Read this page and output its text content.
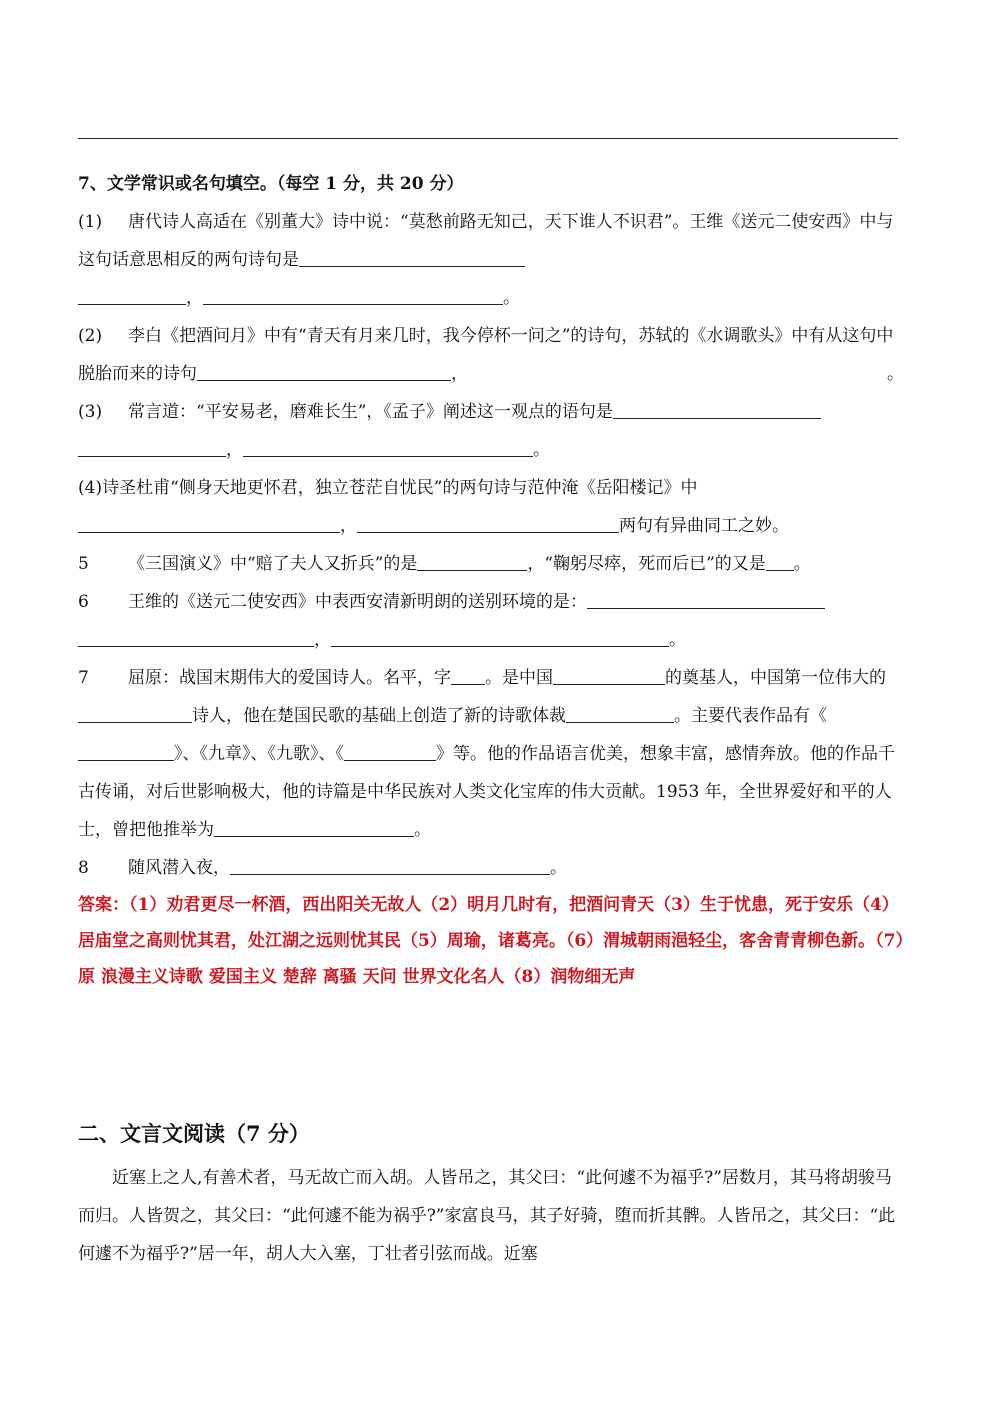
7、文学常识或名句填空。（每空 1 分，共 20 分）

(1) 唐代诗人高适在《别董大》诗中说：“莫愁前路无知己，天下谁人不识君”。王维《送元二使安西》中与这句话意思相反的两句诗句是
，	。

(2) 李白《把酒问月》中有“青天有月来几时，我今停杯一问之”的诗句，苏轼的《水调歌头》中有从这句中脱胎而来的诗句	，	。

(3) 常言道：“平安易老，磨难长生”，《孟子》阐述这一观点的语句是
，	。

(4)诗圣杜甫“侧身天地更怀君，独立苍茫自忧民”的两句诗与范仲淹《岳阳楼记》中，	两句有异曲同工之妙。

5 《三国演义》中“赔了夫人又折兵”的是	，“鞠躬尽瘁，死而后已”的又是 。

6 王维的《送元二使安西》中表西安清新明朗的送别环境的是：
，	。

7 屈原：战国末期伟大的爱国诗人。名平，字 。是中国	的奠基人，中国第一位伟大的诗人，他在楚国民歌的基础上创造了新的诗歌体裁	。主要代表作品有《》、《九章》、《九歌》、《	》等。他的作品语言优美，想象丰富，感情奔放。他的作品千古传诵，对后世影响极大，他的诗篇是中华民族对人类文化宝库的伟大贡献。1953 年，全世界爱好和平的人士，曾把他推举为	。

8 随风潜入夜，	。

答案：（1）劝君更尽一杯酒，西出阳关无故人（2）明月几时有，把酒问青天（3）生于忧患，死于安乐（4）居庙堂之高则忧其君，处江湖之远则忧其民（5）周瑜，诸葛亮。（6）渭城朝雨浥轻尘，客舍青青柳色新。（7）原 浪漫主义诗歌 爱国主义 楚辞 离骚 天问 世界文化名人（8）润物细无声

二、文言文阅读（7 分）

近塞上之人,有善术者，马无故亡而入胡。人皆吊之，其父曰：“此何遽不为福乎?”居数月，其马将胡骏马而归。人皆贺之，其父曰：“此何遽不能为祸乎?”家富良马，其子好骑，堕而折其髀。人皆吊之，其父曰：“此何遽不为福乎?”居一年，胡人大入塞，丁壮者引弦而战。近塞
